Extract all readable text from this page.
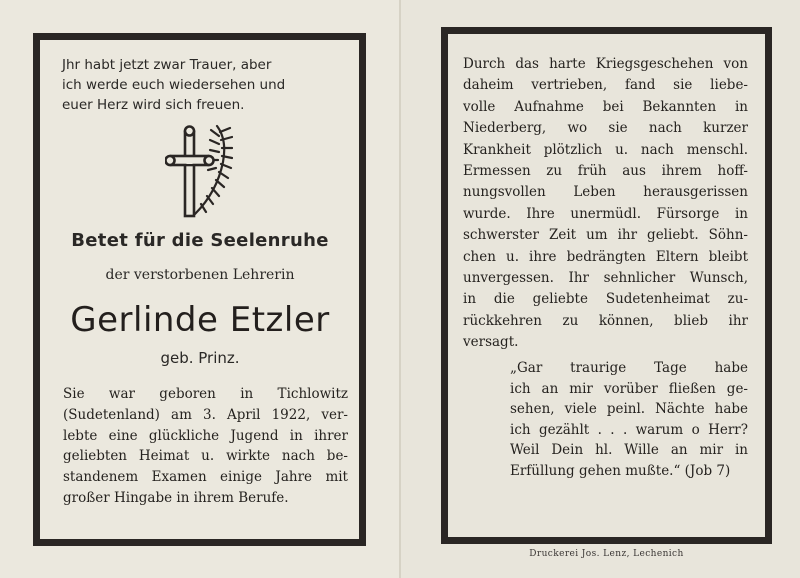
Jhr habt jetzt zwar Trauer, aber
ich werde euch wiedersehen und
euer Herz wird sich freuen.
Betet für die Seelenruhe
der verstorbenen Lehrerin
Gerlinde Etzler
geb. Prinz.
Sie war geboren in Tichlowitz
(Sudetenland) am 3. April 1922, ver-
lebte eine glückliche Jugend in ihrer
geliebten Heimat u. wirkte nach be-
standenem Examen einige Jahre mit
großer Hingabe in ihrem Berufe.
Durch das harte Kriegsgeschehen von
daheim vertrieben, fand sie liebe-
volle Aufnahme bei Bekannten in
Niederberg, wo sie nach kurzer
Krankheit plötzlich u. nach menschl.
Ermessen zu früh aus ihrem hoff-
nungsvollen Leben herausgerissen
wurde. Ihre unermüdl. Fürsorge in
schwerster Zeit um ihr geliebt. Söhn-
chen u. ihre bedrängten Eltern bleibt
unvergessen. Ihr sehnlicher Wunsch,
in die geliebte Sudetenheimat zu-
rückkehren zu können, blieb ihr
versagt.
„Gar traurige Tage habe
ich an mir vorüber fließen ge-
sehen, viele peinl. Nächte habe
ich gezählt . . . warum o Herr?
Weil Dein hl. Wille an mir in
Erfüllung gehen mußte.“ (Job 7)
Druckerei Jos. Lenz, Lechenich
